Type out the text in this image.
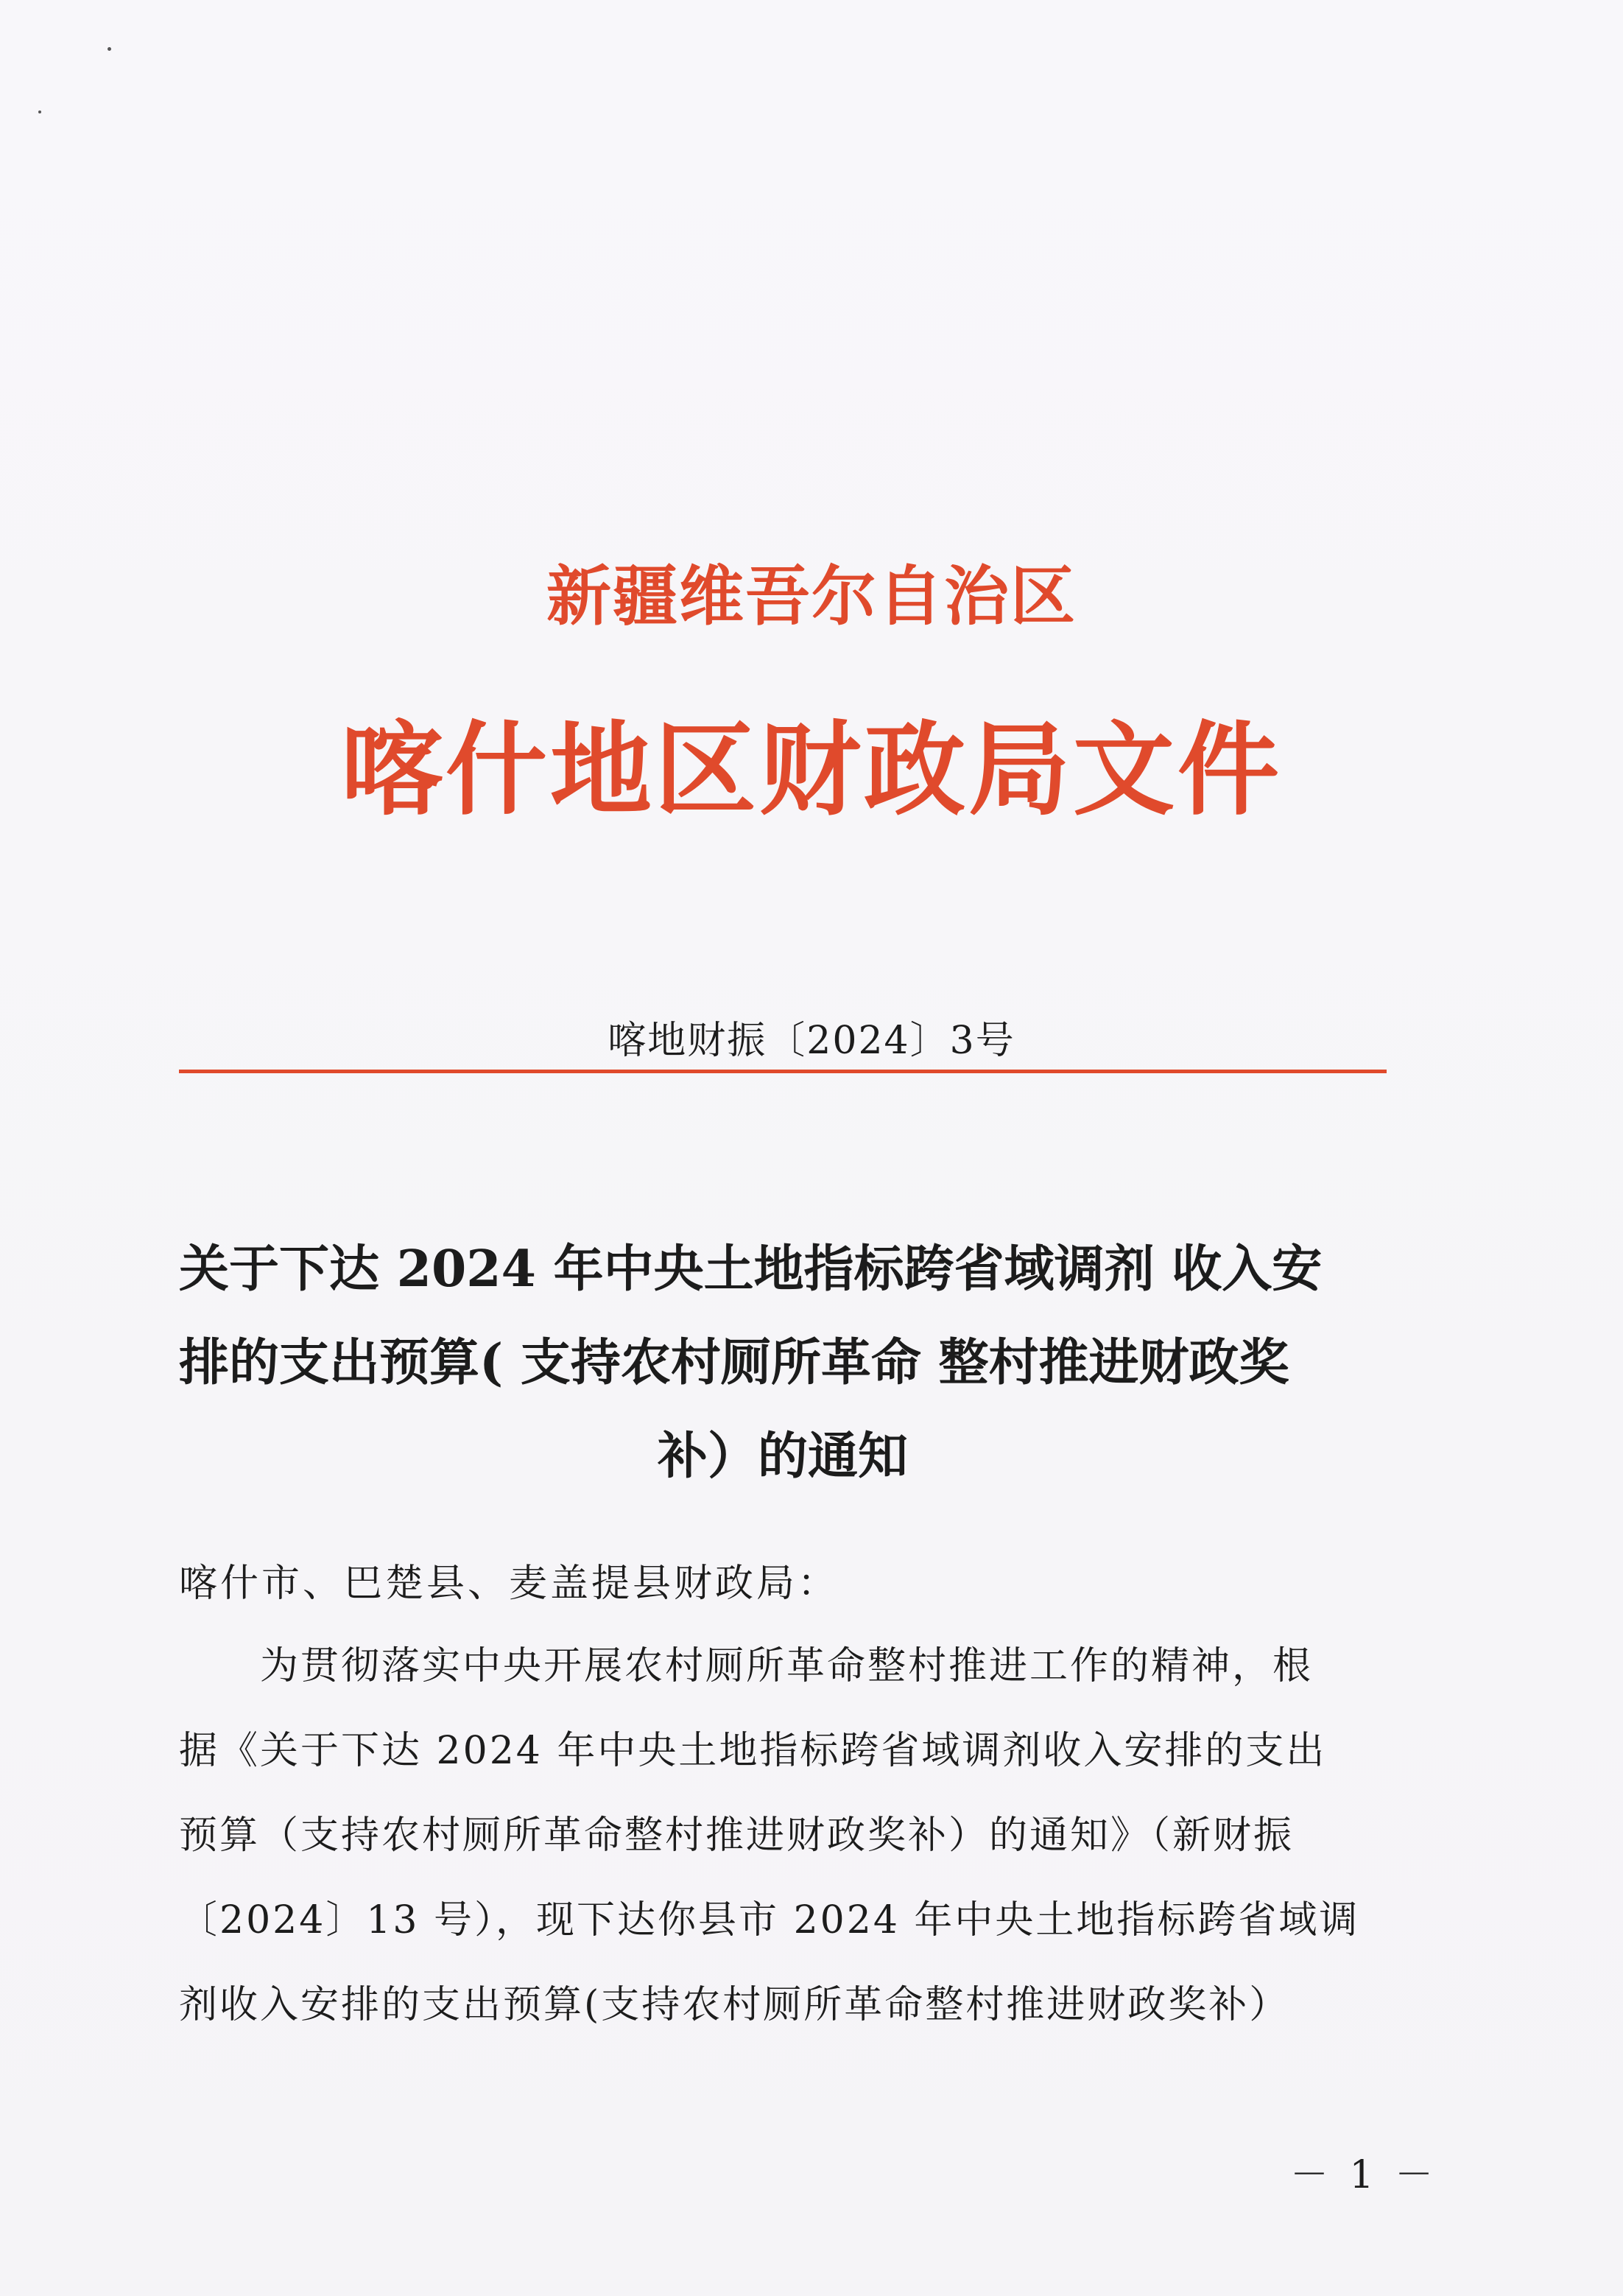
新疆维吾尔自治区
喀什地区财政局文件
喀地财振〔2024〕3号
关于下达 2024 年中央土地指标跨省域调剂 收入安
排的支出预算( 支持农村厕所革命 整村推进财政奖
补）的通知
喀什市、巴楚县、麦盖提县财政局：
　　为贯彻落实中央开展农村厕所革命整村推进工作的精神，根
据《关于下达 2024 年中央土地指标跨省域调剂收入安排的支出
预算（支持农村厕所革命整村推进财政奖补）的通知》（新财振
〔2024〕13 号），现下达你县市 2024 年中央土地指标跨省域调
剂收入安排的支出预算(支持农村厕所革命整村推进财政奖补）
－ 1 －
